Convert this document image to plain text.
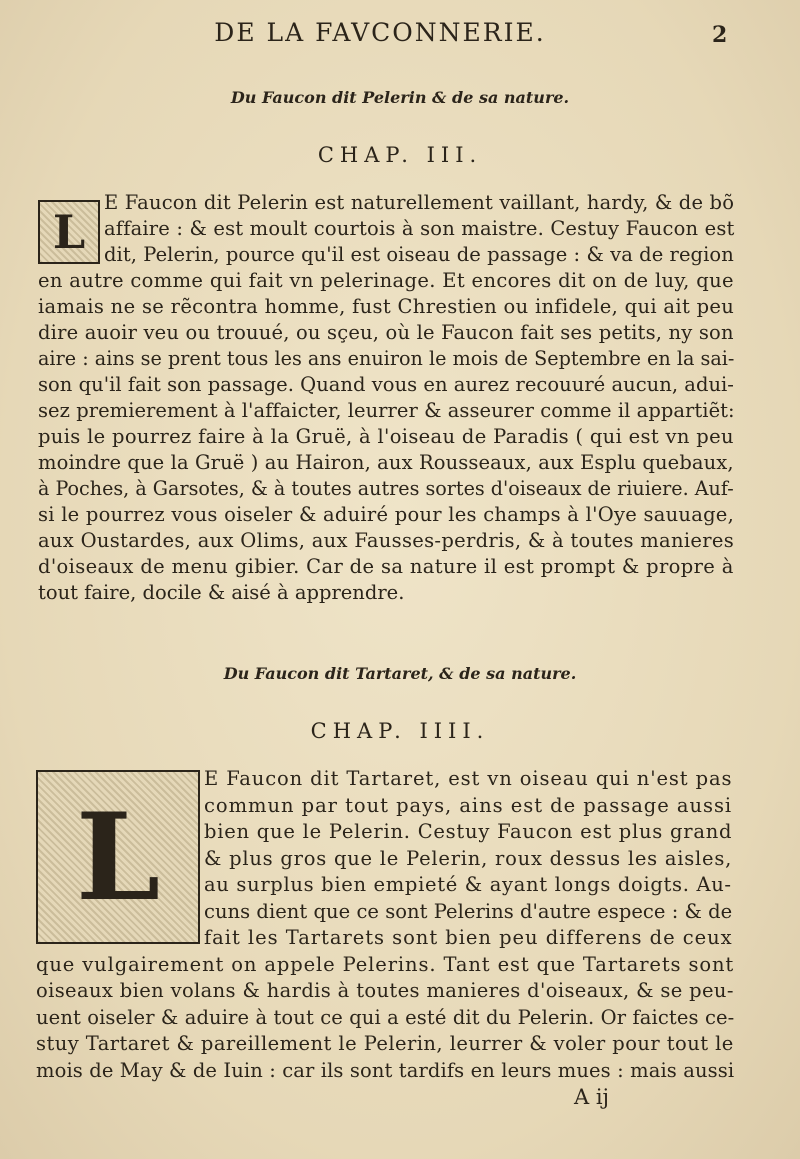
DE LA FAVCONNERIE.	2
Du Faucon dit Pelerin & de sa nature.
CHAP. III.
L
E Faucon dit Pelerin est naturellement vaillant, hardy, & de bõ
affaire : & est moult courtois à son maistre. Cestuy Faucon est
dit, Pelerin, pource qu'il est oiseau de passage : & va de region
en autre comme qui fait vn pelerinage. Et encores dit on de luy, que
iamais ne se rẽcontra homme, fust Chrestien ou infidele, qui ait peu
dire auoir veu ou trouué, ou sçeu, où le Faucon fait ses petits, ny son
aire : ains se prent tous les ans enuiron le mois de Septembre en la sai-
son qu'il fait son passage. Quand vous en aurez recouuré aucun, adui-
sez premierement à l'affaicter, leurrer & asseurer comme il appartiẽt:
puis le pourrez faire à la Gruë, à l'oiseau de Paradis ( qui est vn peu
moindre que la Gruë ) au Hairon, aux Rousseaux, aux Esplu quebaux,
à Poches, à Garsotes, & à toutes autres sortes d'oiseaux de riuiere. Auf-
si le pourrez vous oiseler & aduiré pour les champs à l'Oye sauuage,
aux Oustardes, aux Olims, aux Fausses-perdris, & à toutes manieres
d'oiseaux de menu gibier. Car de sa nature il est prompt & propre à
tout faire, docile & aisé à apprendre.
Du Faucon dit Tartaret, & de sa nature.
CHAP. IIII.
L
E Faucon dit Tartaret, est vn oiseau qui n'est pas
commun par tout pays, ains est de passage aussi
bien que le Pelerin. Cestuy Faucon est plus grand
& plus gros que le Pelerin, roux dessus les aisles,
au surplus bien empieté & ayant longs doigts. Au-
cuns dient que ce sont Pelerins d'autre espece : & de
fait les Tartarets sont bien peu differens de ceux
que vulgairement on appele Pelerins. Tant est que Tartarets sont
oiseaux bien volans & hardis à toutes manieres d'oiseaux, & se peu-
uent oiseler & aduire à tout ce qui a esté dit du Pelerin. Or faictes ce-
stuy Tartaret & pareillement le Pelerin, leurrer & voler pour tout le
mois de May & de Iuin : car ils sont tardifs en leurs mues : mais aussi
A ij
